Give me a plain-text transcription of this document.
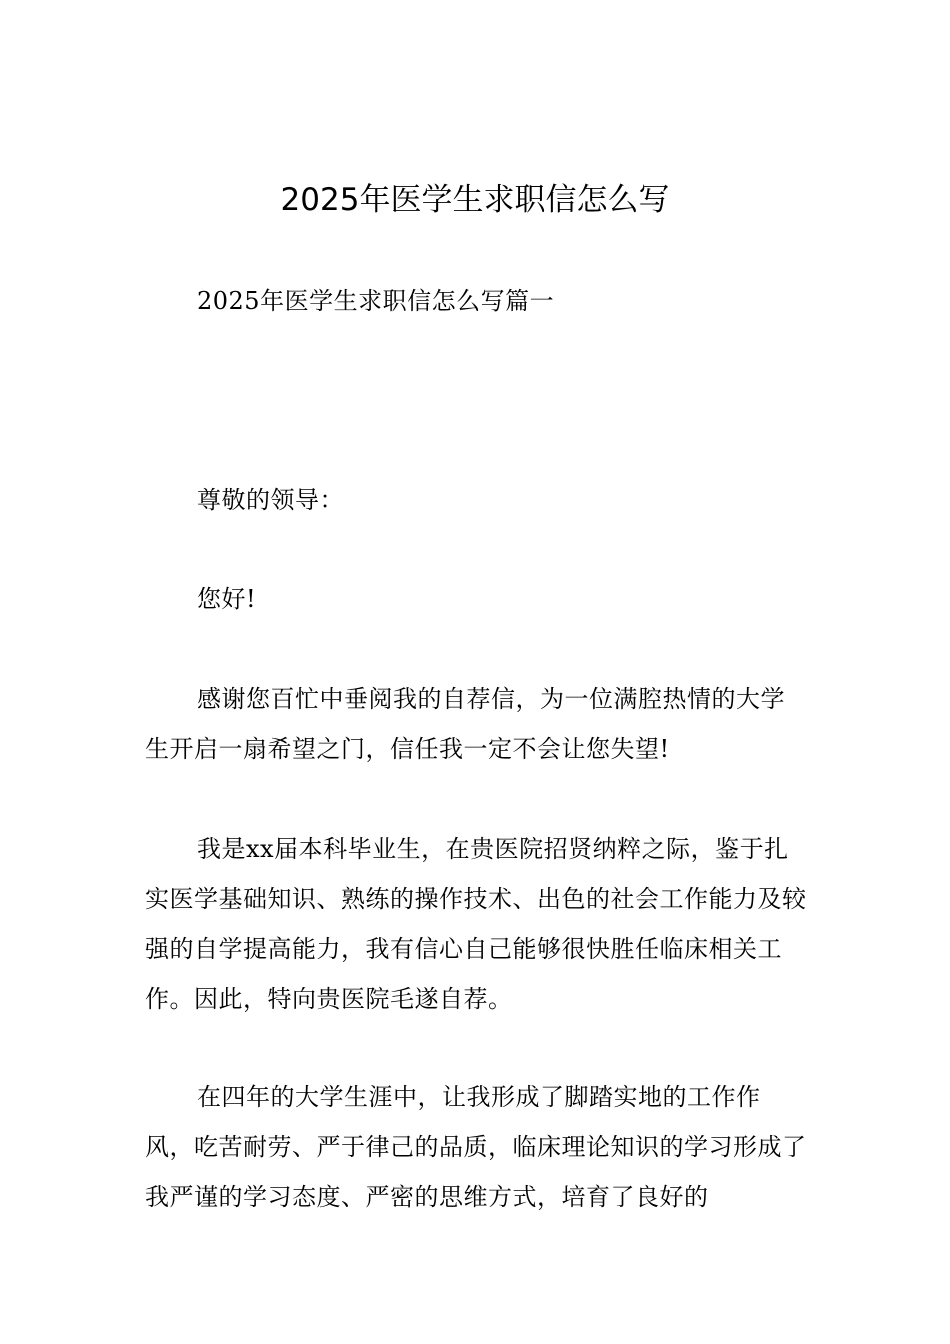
2025年医学生求职信怎么写

2025年医学生求职信怎么写篇一

尊敬的领导：

您好!

感谢您百忙中垂阅我的自荐信，为一位满腔热情的大学生开启一扇希望之门，信任我一定不会让您失望!

我是xx届本科毕业生，在贵医院招贤纳粹之际，鉴于扎实医学基础知识、熟练的操作技术、出色的社会工作能力及较强的自学提高能力，我有信心自己能够很快胜任临床相关工作。因此，特向贵医院毛遂自荐。

在四年的大学生涯中，让我形成了脚踏实地的工作作风，吃苦耐劳、严于律己的品质，临床理论知识的学习形成了我严谨的学习态度、严密的思维方式，培育了良好的
